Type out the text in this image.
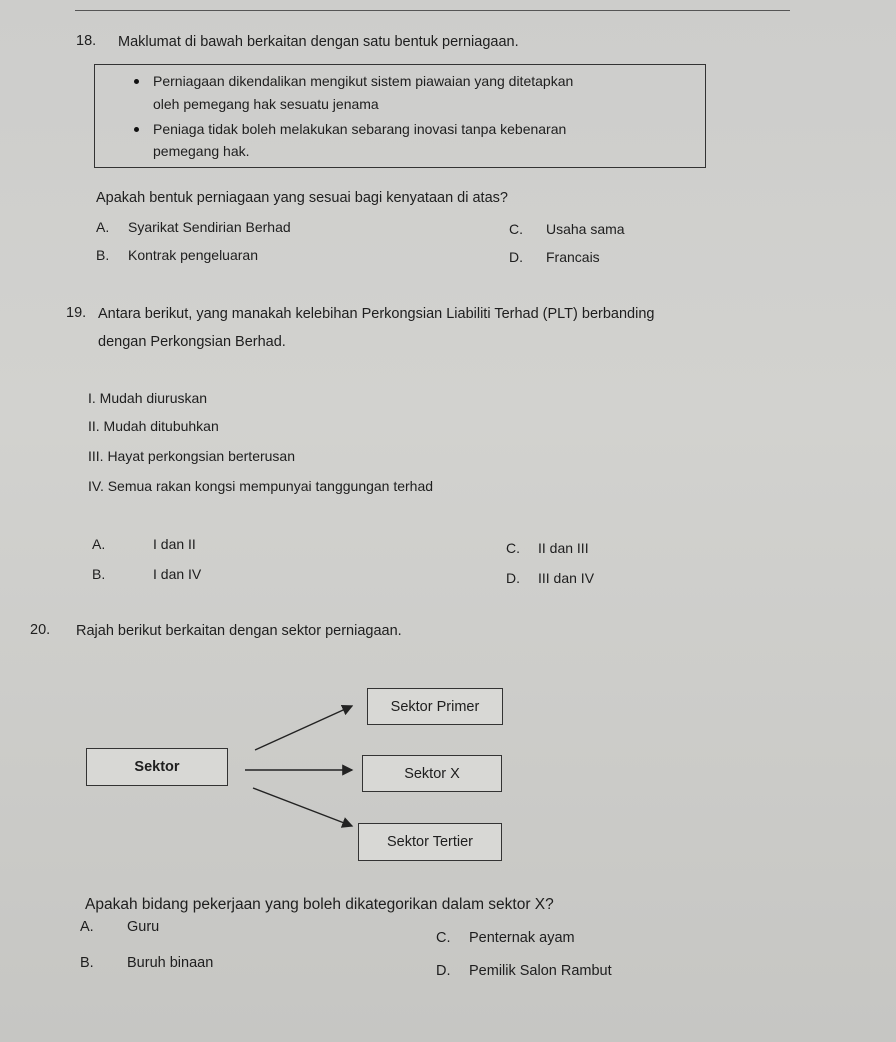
18. Maklumat di bawah berkaitan dengan satu bentuk perniagaan.
Perniagaan dikendalikan mengikut sistem piawaian yang ditetapkan
oleh pemegang hak sesuatu jenama
Peniaga tidak boleh melakukan sebarang inovasi tanpa kebenaran
pemegang hak.
Apakah bentuk perniagaan yang sesuai bagi kenyataan di atas?
A. Syarikat Sendirian Berhad
B. Kontrak pengeluaran
C. Usaha sama
D. Francais
19. Antara berikut, yang manakah kelebihan Perkongsian Liabiliti Terhad (PLT) berbanding
dengan Perkongsian Berhad.
I. Mudah diuruskan
II. Mudah ditubuhkan
III. Hayat perkongsian berterusan
IV. Semua rakan kongsi mempunyai tanggungan terhad
A.	I dan II
B.	I dan IV
C. II dan III
D. III dan IV
20. Rajah berikut berkaitan dengan sektor perniagaan.
Sektor
Sektor Primer
Sektor X
Sektor Tertier
Apakah bidang pekerjaan yang boleh dikategorikan dalam sektor X?
A. Guru
B. Buruh binaan
C. Penternak ayam
D. Pemilik Salon Rambut
